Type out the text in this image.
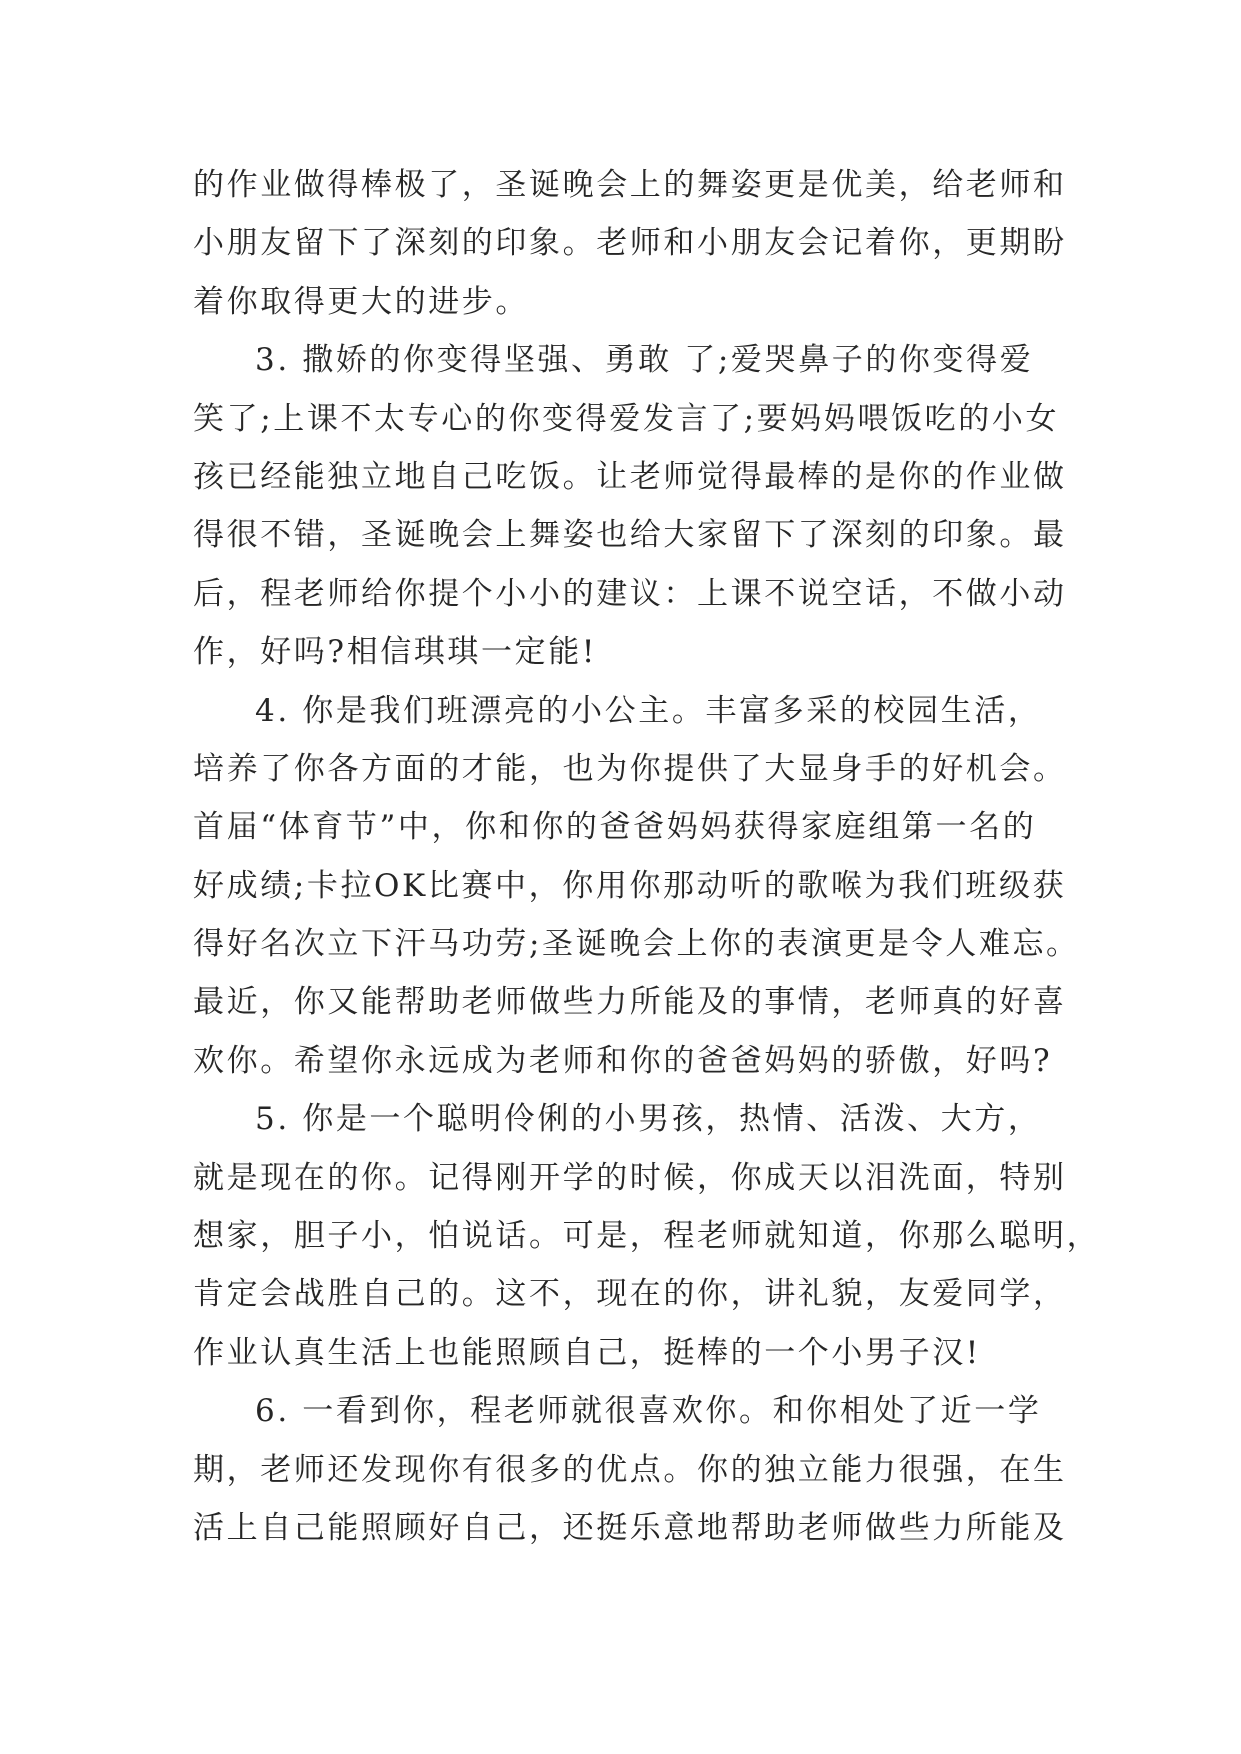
的作业做得棒极了，圣诞晚会上的舞姿更是优美，给老师和
小朋友留下了深刻的印象。老师和小朋友会记着你，更期盼
着你取得更大的进步。
3. 撒娇的你变得坚强、勇敢 了;爱哭鼻子的你变得爱
笑了;上课不太专心的你变得爱发言了;要妈妈喂饭吃的小女
孩已经能独立地自己吃饭。让老师觉得最棒的是你的作业做
得很不错，圣诞晚会上舞姿也给大家留下了深刻的印象。最
后，程老师给你提个小小的建议：上课不说空话，不做小动
作，好吗?相信琪琪一定能!
4. 你是我们班漂亮的小公主。丰富多采的校园生活，
培养了你各方面的才能，也为你提供了大显身手的好机会。
首届“体育节”中，你和你的爸爸妈妈获得家庭组第一名的
好成绩;卡拉OK比赛中，你用你那动听的歌喉为我们班级获
得好名次立下汗马功劳;圣诞晚会上你的表演更是令人难忘。
最近，你又能帮助老师做些力所能及的事情，老师真的好喜
欢你。希望你永远成为老师和你的爸爸妈妈的骄傲，好吗?
5. 你是一个聪明伶俐的小男孩，热情、活泼、大方，
就是现在的你。记得刚开学的时候，你成天以泪洗面，特别
想家，胆子小，怕说话。可是，程老师就知道，你那么聪明，
肯定会战胜自己的。这不，现在的你，讲礼貌，友爱同学，
作业认真生活上也能照顾自己，挺棒的一个小男子汉!
6. 一看到你，程老师就很喜欢你。和你相处了近一学
期，老师还发现你有很多的优点。你的独立能力很强，在生
活上自己能照顾好自己，还挺乐意地帮助老师做些力所能及
